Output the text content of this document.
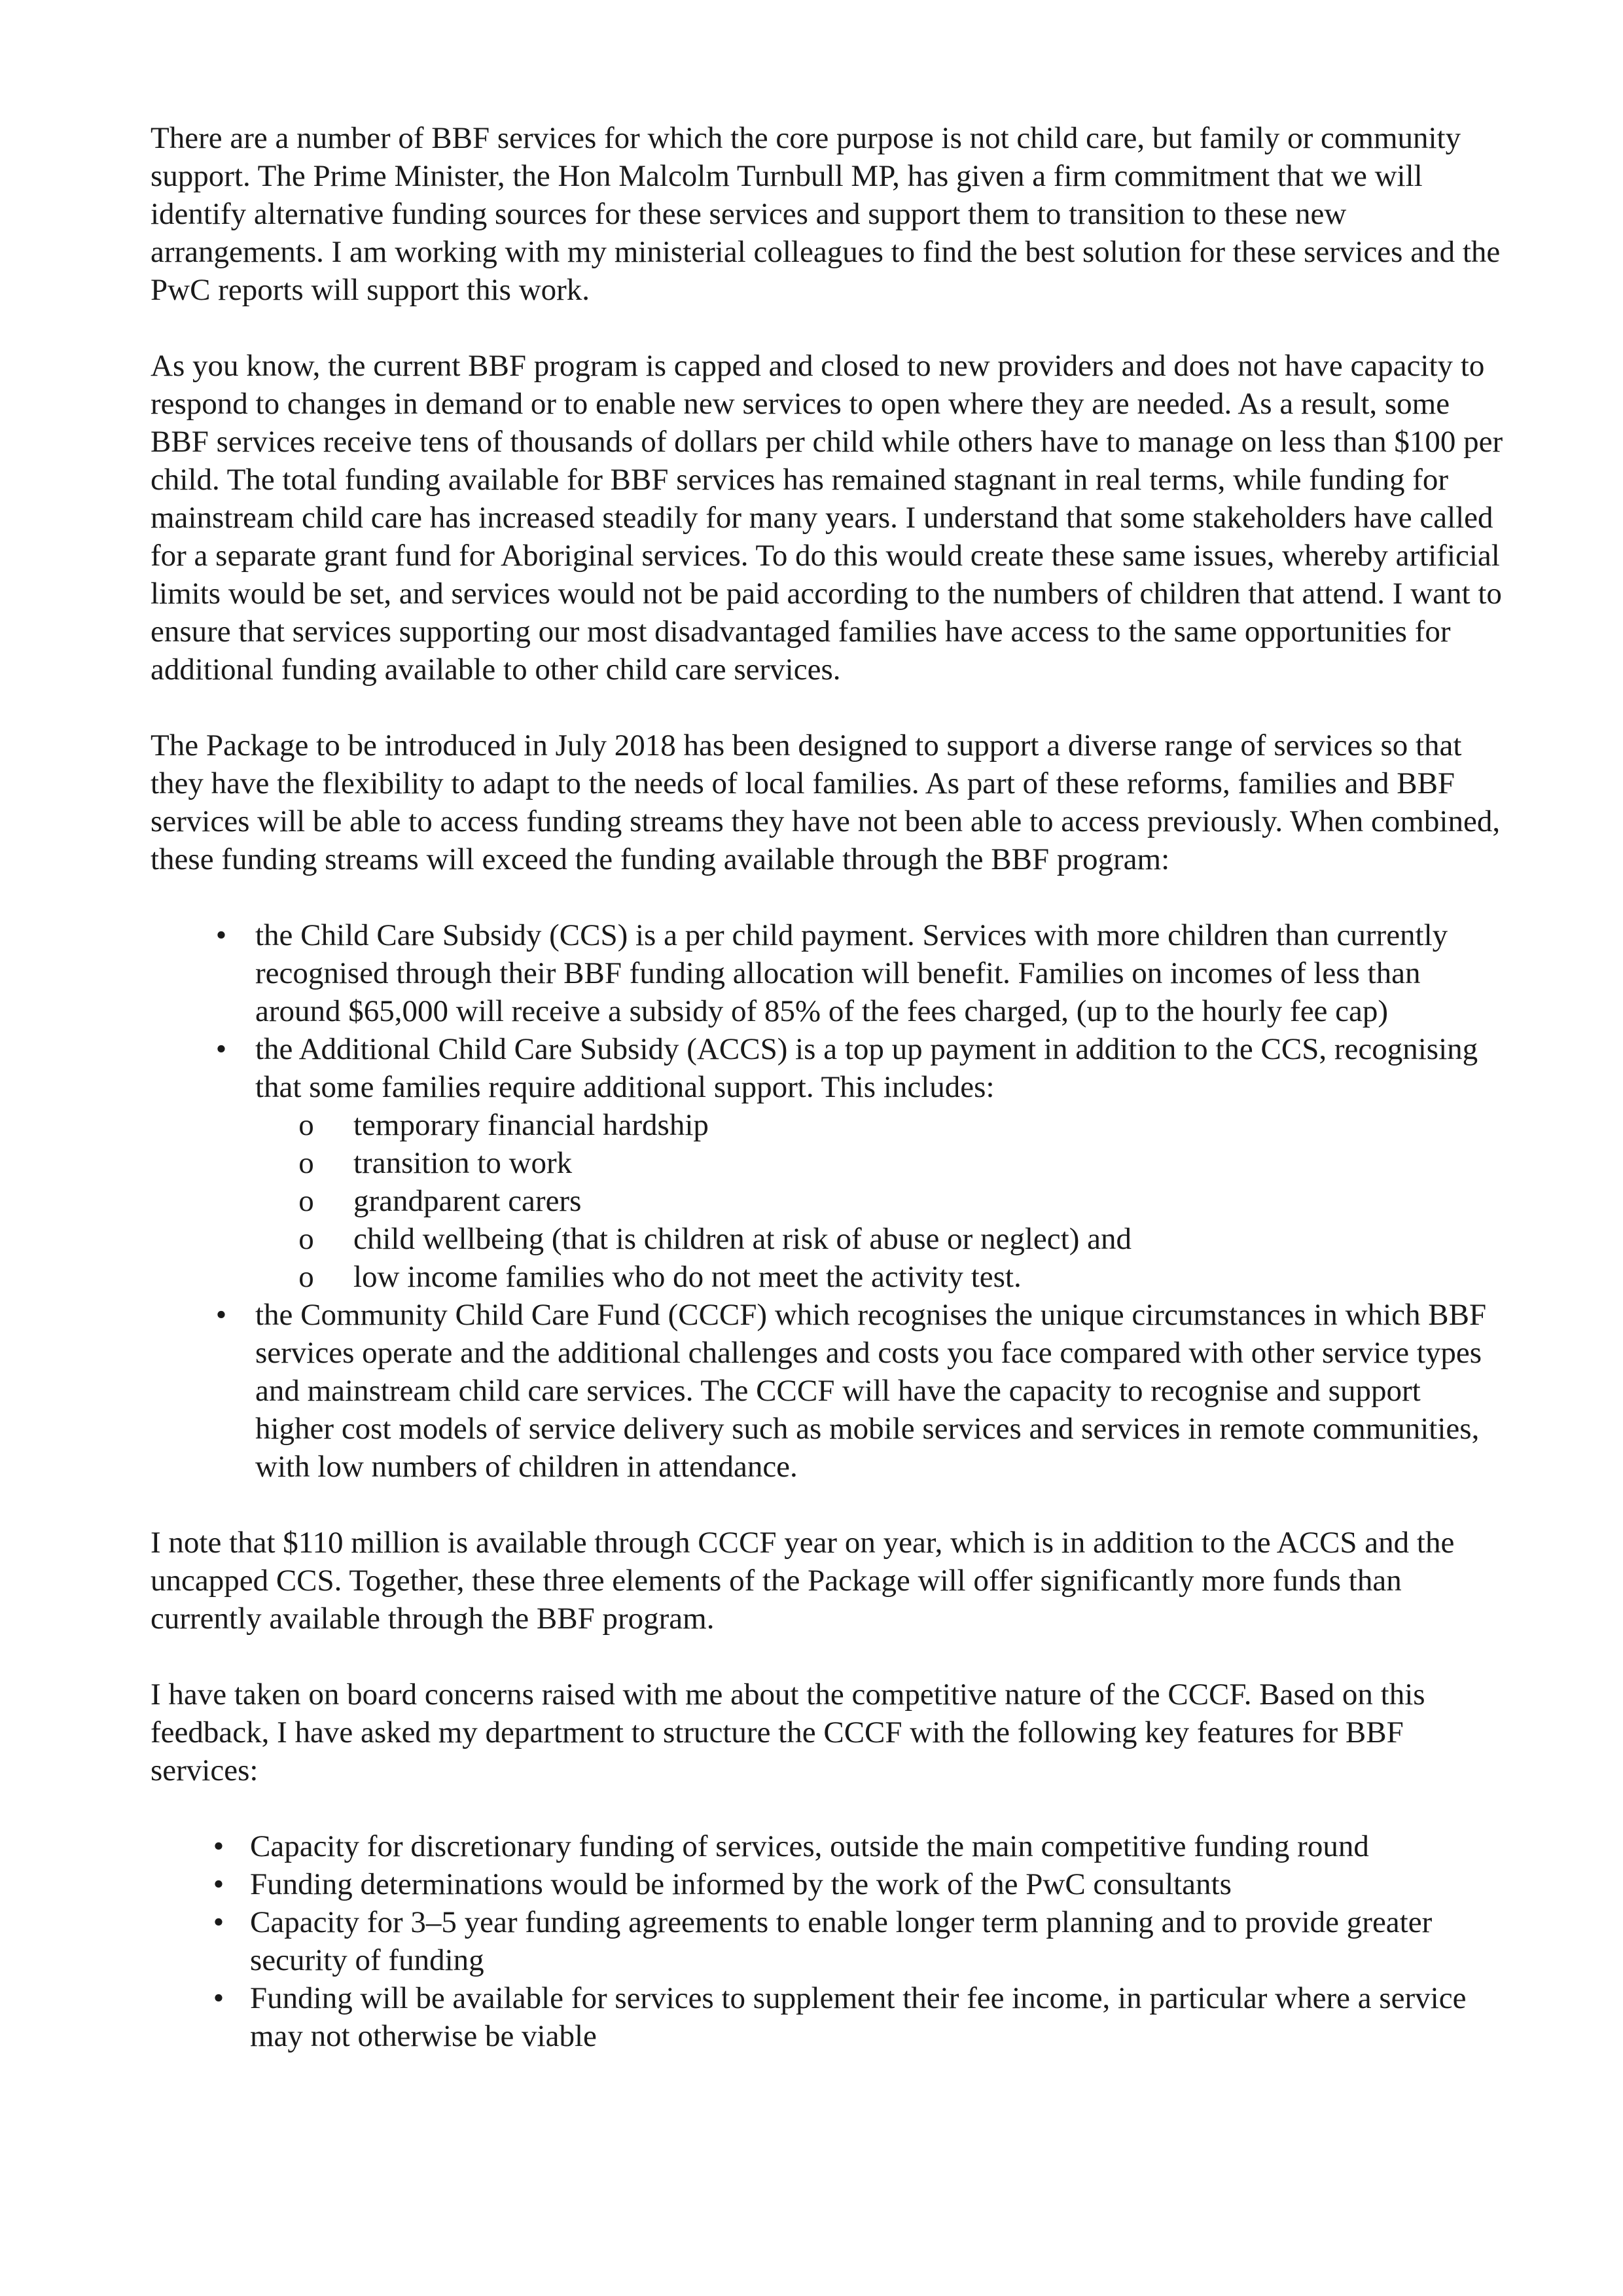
There are a number of BBF services for which the core purpose is not child care, but family or community support. The Prime Minister, the Hon Malcolm Turnbull MP, has given a firm commitment that we will identify alternative funding sources for these services and support them to transition to these new arrangements. I am working with my ministerial colleagues to find the best solution for these services and the PwC reports will support this work.

As you know, the current BBF program is capped and closed to new providers and does not have capacity to respond to changes in demand or to enable new services to open where they are needed. As a result, some BBF services receive tens of thousands of dollars per child while others have to manage on less than $100 per child. The total funding available for BBF services has remained stagnant in real terms, while funding for mainstream child care has increased steadily for many years. I understand that some stakeholders have called for a separate grant fund for Aboriginal services. To do this would create these same issues, whereby artificial limits would be set, and services would not be paid according to the numbers of children that attend. I want to ensure that services supporting our most disadvantaged families have access to the same opportunities for additional funding available to other child care services.

The Package to be introduced in July 2018 has been designed to support a diverse range of services so that they have the flexibility to adapt to the needs of local families. As part of these reforms, families and BBF services will be able to access funding streams they have not been able to access previously. When combined, these funding streams will exceed the funding available through the BBF program:

• the Child Care Subsidy (CCS) is a per child payment. Services with more children than currently recognised through their BBF funding allocation will benefit. Families on incomes of less than around $65,000 will receive a subsidy of 85% of the fees charged, (up to the hourly fee cap)
• the Additional Child Care Subsidy (ACCS) is a top up payment in addition to the CCS, recognising that some families require additional support. This includes:
o temporary financial hardship
o transition to work
o grandparent carers
o child wellbeing (that is children at risk of abuse or neglect) and
o low income families who do not meet the activity test.
• the Community Child Care Fund (CCCF) which recognises the unique circumstances in which BBF services operate and the additional challenges and costs you face compared with other service types and mainstream child care services. The CCCF will have the capacity to recognise and support higher cost models of service delivery such as mobile services and services in remote communities, with low numbers of children in attendance.

I note that $110 million is available through CCCF year on year, which is in addition to the ACCS and the uncapped CCS. Together, these three elements of the Package will offer significantly more funds than currently available through the BBF program.

I have taken on board concerns raised with me about the competitive nature of the CCCF. Based on this feedback, I have asked my department to structure the CCCF with the following key features for BBF services:

• Capacity for discretionary funding of services, outside the main competitive funding round
• Funding determinations would be informed by the work of the PwC consultants
• Capacity for 3–5 year funding agreements to enable longer term planning and to provide greater security of funding
• Funding will be available for services to supplement their fee income, in particular where a service may not otherwise be viable
